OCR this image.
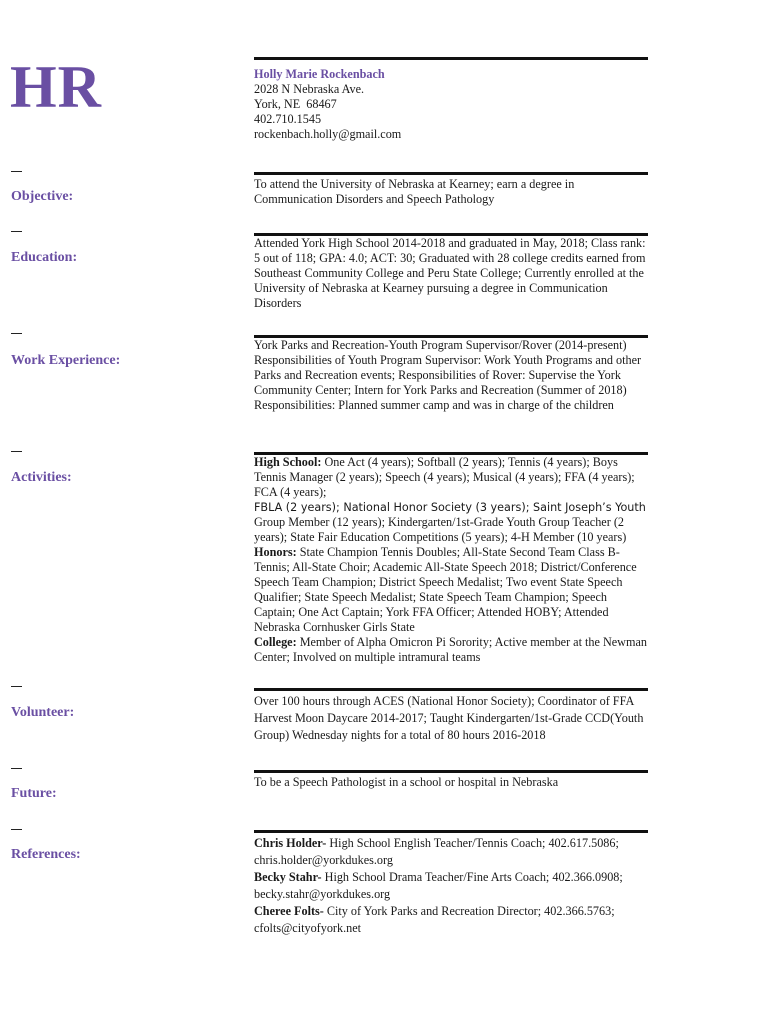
HR	Holly Marie Rockenbach
2028 N Nebraska Ave.
York, NE  68467
402.710.1545
rockenbach.holly@gmail.com
Objective:
To attend the University of Nebraska at Kearney; earn a degree in Communication Disorders and Speech Pathology
Education:
Attended York High School 2014-2018 and graduated in May, 2018; Class rank: 5 out of 118; GPA: 4.0; ACT: 30; Graduated with 28 college credits earned from Southeast Community College and Peru State College; Currently enrolled at the University of Nebraska at Kearney pursuing a degree in Communication Disorders
Work Experience:
York Parks and Recreation-Youth Program Supervisor/Rover (2014-present) Responsibilities of Youth Program Supervisor: Work Youth Programs and other Parks and Recreation events; Responsibilities of Rover: Supervise the York Community Center; Intern for York Parks and Recreation (Summer of 2018) Responsibilities: Planned summer camp and was in charge of the children
Activities:
High School: One Act (4 years); Softball (2 years); Tennis (4 years); Boys Tennis Manager (2 years); Speech (4 years); Musical (4 years); FFA (4 years); FCA (4 years);
FBLA (2 years); National Honor Society (3 years); Saint Joseph’s Youth Group Member (12 years); Kindergarten/1st-Grade Youth Group Teacher (2 years); State Fair Education Competitions (5 years); 4-H Member (10 years)
Honors: State Champion Tennis Doubles; All-State Second Team Class B-Tennis; All-State Choir; Academic All-State Speech 2018; District/Conference Speech Team Champion; District Speech Medalist; Two event State Speech Qualifier; State Speech Medalist; State Speech Team Champion; Speech Captain; One Act Captain; York FFA Officer; Attended HOBY; Attended Nebraska Cornhusker Girls State
College: Member of Alpha Omicron Pi Sorority; Active member at the Newman Center; Involved on multiple intramural teams
Volunteer:
Over 100 hours through ACES (National Honor Society); Coordinator of FFA Harvest Moon Daycare 2014-2017; Taught Kindergarten/1st-Grade CCD(Youth Group) Wednesday nights for a total of 80 hours 2016-2018
Future:
To be a Speech Pathologist in a school or hospital in Nebraska
References:
Chris Holder- High School English Teacher/Tennis Coach; 402.617.5086; chris.holder@yorkdukes.org
Becky Stahr- High School Drama Teacher/Fine Arts Coach; 402.366.0908; becky.stahr@yorkdukes.org
Cheree Folts- City of York Parks and Recreation Director; 402.366.5763; cfolts@cityofyork.net
